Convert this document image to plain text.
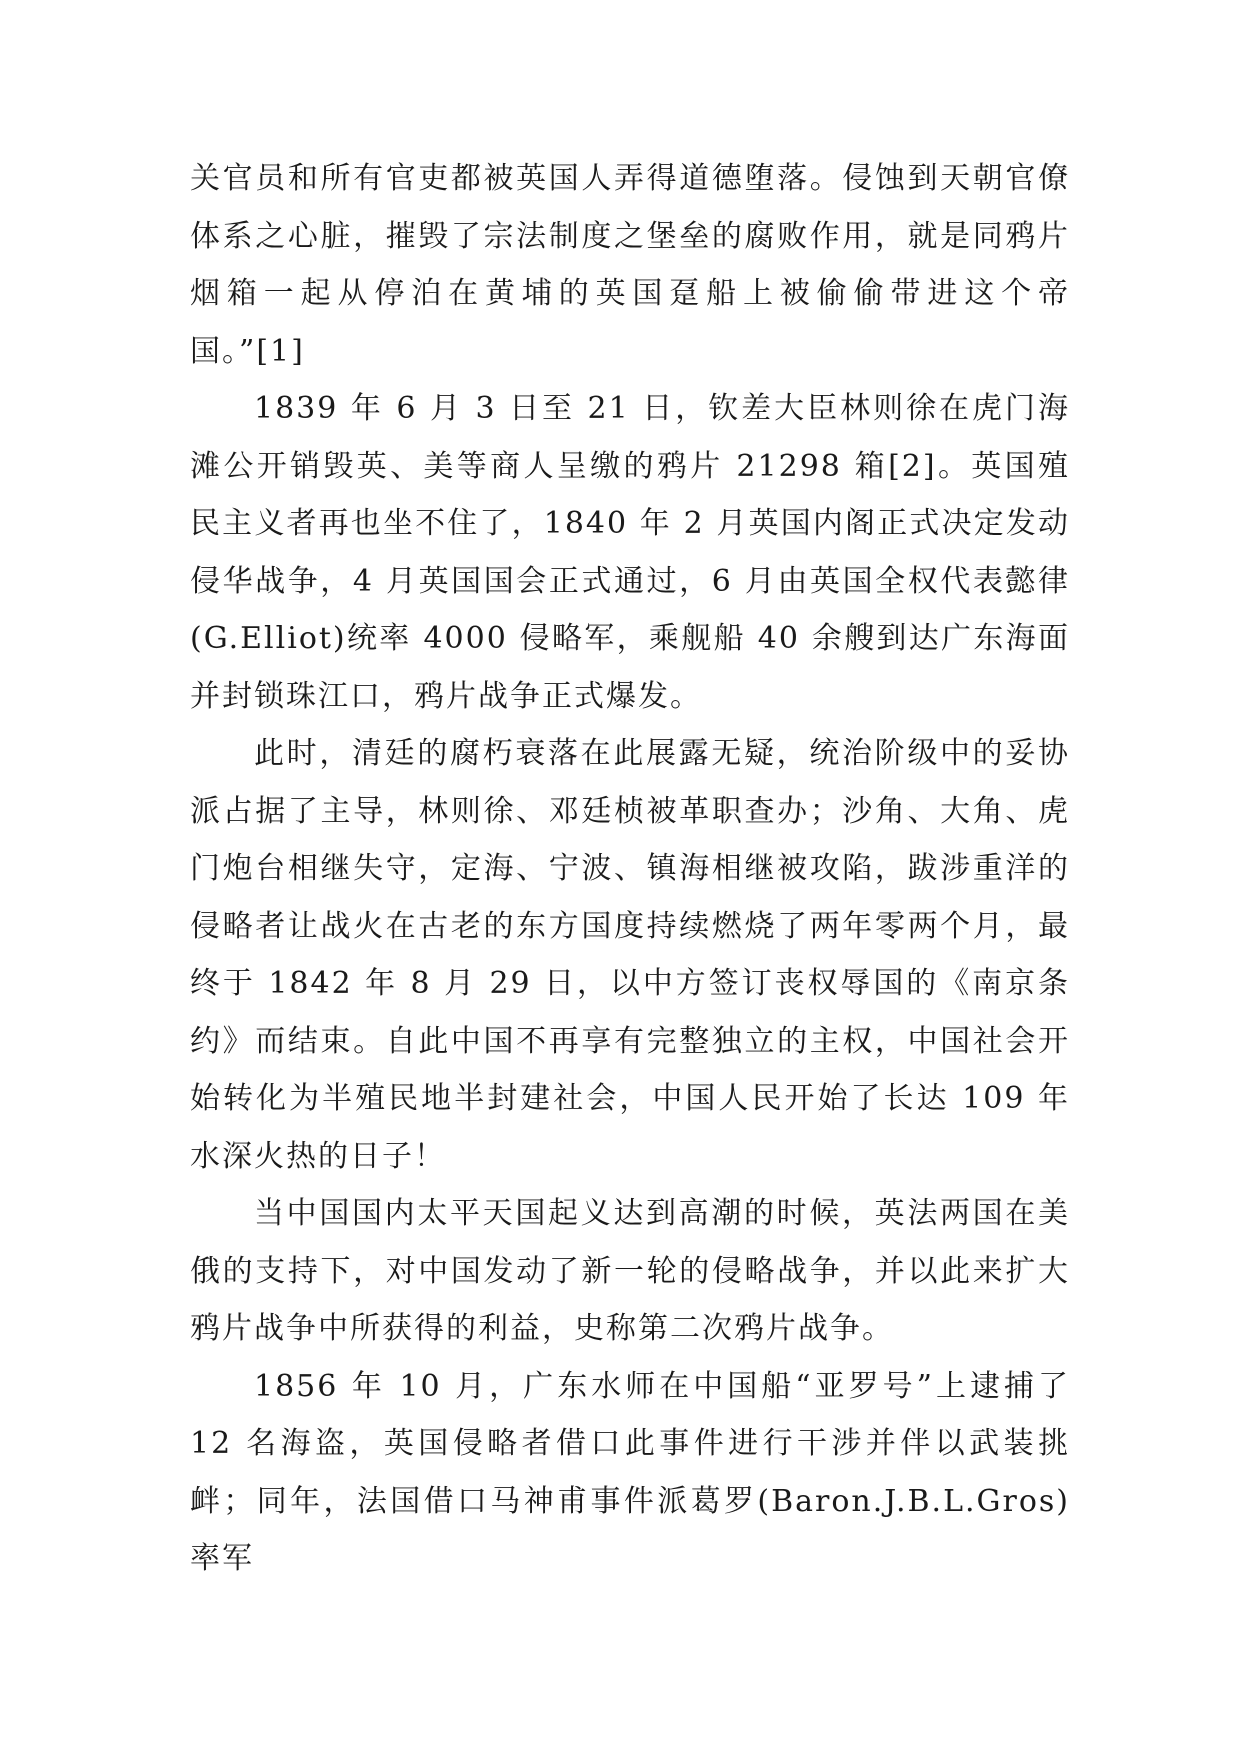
关官员和所有官吏都被英国人弄得道德堕落。侵蚀到天朝官僚体系之心脏，摧毁了宗法制度之堡垒的腐败作用，就是同鸦片烟箱一起从停泊在黄埔的英国趸船上被偷偷带进这个帝国。”[1]

1839 年 6 月 3 日至 21 日，钦差大臣林则徐在虎门海滩公开销毁英、美等商人呈缴的鸦片 21298 箱[2]。英国殖民主义者再也坐不住了，1840 年 2 月英国内阁正式决定发动侵华战争，4 月英国国会正式通过，6 月由英国全权代表懿律(G.Elliot)统率 4000 侵略军，乘舰船 40 余艘到达广东海面并封锁珠江口，鸦片战争正式爆发。

此时，清廷的腐朽衰落在此展露无疑，统治阶级中的妥协派占据了主导，林则徐、邓廷桢被革职查办；沙角、大角、虎门炮台相继失守，定海、宁波、镇海相继被攻陷，跋涉重洋的侵略者让战火在古老的东方国度持续燃烧了两年零两个月，最终于 1842 年 8 月 29 日，以中方签订丧权辱国的《南京条约》而结束。自此中国不再享有完整独立的主权，中国社会开始转化为半殖民地半封建社会，中国人民开始了长达 109 年水深火热的日子！

当中国国内太平天国起义达到高潮的时候，英法两国在美俄的支持下，对中国发动了新一轮的侵略战争，并以此来扩大鸦片战争中所获得的利益，史称第二次鸦片战争。

1856 年 10 月，广东水师在中国船“亚罗号”上逮捕了 12 名海盗，英国侵略者借口此事件进行干涉并伴以武装挑衅；同年，法国借口马神甫事件派葛罗(Baron.J.B.L.Gros)率军
